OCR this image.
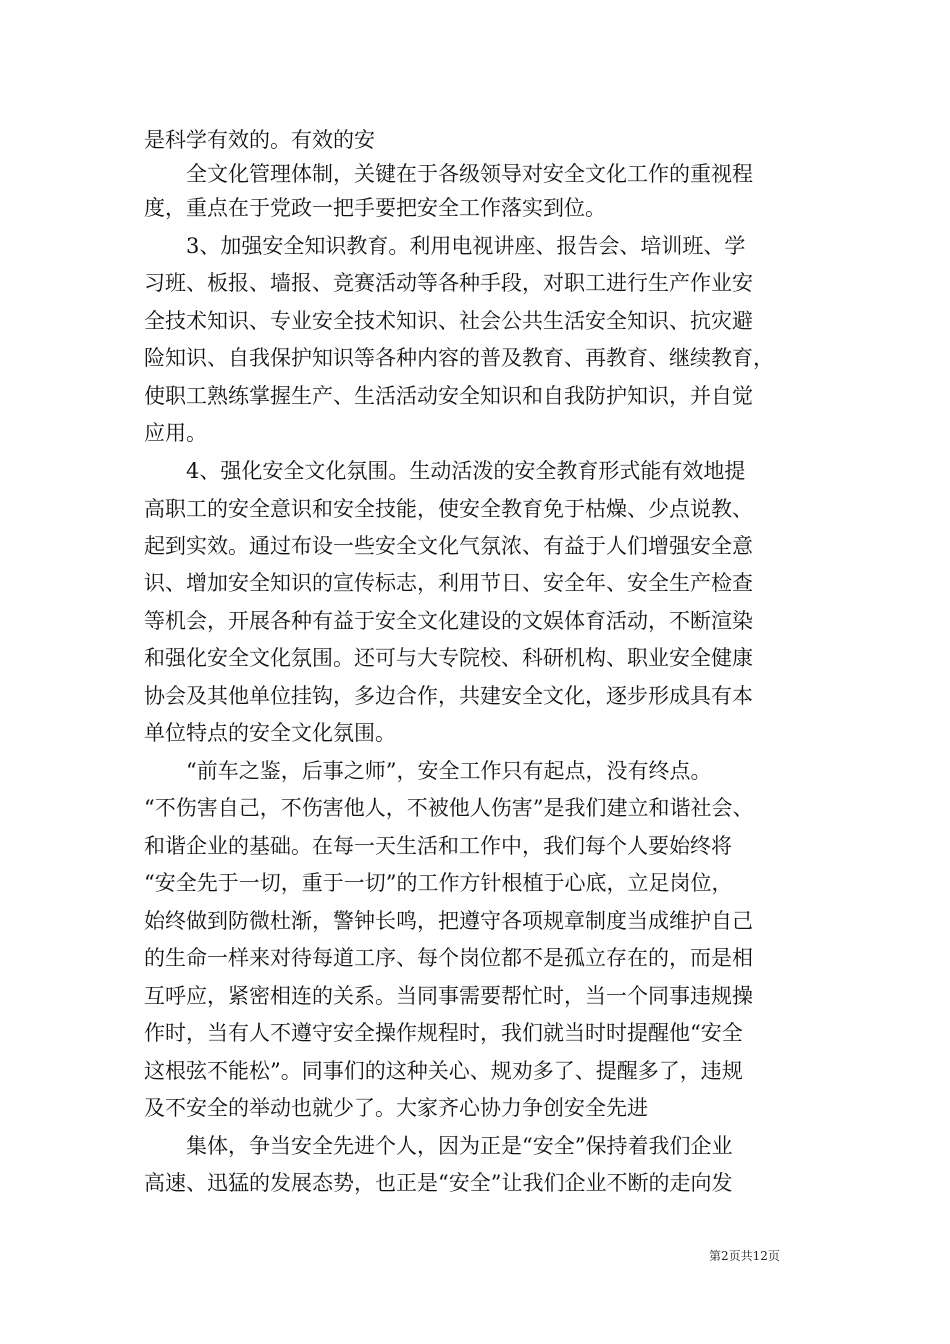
是科学有效的。有效的安

　　全文化管理体制，关键在于各级领导对安全文化工作的重视程

度，重点在于党政一把手要把安全工作落实到位。

　　3、加强安全知识教育。利用电视讲座、报告会、培训班、学

习班、板报、墙报、竞赛活动等各种手段，对职工进行生产作业安

全技术知识、专业安全技术知识、社会公共生活安全知识、抗灾避

险知识、自我保护知识等各种内容的普及教育、再教育、继续教育，

使职工熟练掌握生产、生活活动安全知识和自我防护知识，并自觉

应用。

　　4、强化安全文化氛围。生动活泼的安全教育形式能有效地提

高职工的安全意识和安全技能，使安全教育免于枯燥、少点说教、

起到实效。通过布设一些安全文化气氛浓、有益于人们增强安全意

识、增加安全知识的宣传标志，利用节日、安全年、安全生产检查

等机会，开展各种有益于安全文化建设的文娱体育活动，不断渲染

和强化安全文化氛围。还可与大专院校、科研机构、职业安全健康

协会及其他单位挂钩，多边合作，共建安全文化，逐步形成具有本

单位特点的安全文化氛围。

　　“前车之鉴，后事之师”，安全工作只有起点，没有终点。

“不伤害自己，不伤害他人，不被他人伤害”是我们建立和谐社会、

和谐企业的基础。在每一天生活和工作中，我们每个人要始终将

“安全先于一切，重于一切”的工作方针根植于心底，立足岗位，

始终做到防微杜渐，警钟长鸣，把遵守各项规章制度当成维护自己

的生命一样来对待每道工序、每个岗位都不是孤立存在的，而是相

互呼应，紧密相连的关系。当同事需要帮忙时，当一个同事违规操

作时，当有人不遵守安全操作规程时，我们就当时时提醒他“安全

这根弦不能松”。同事们的这种关心、规劝多了、提醒多了，违规

及不安全的举动也就少了。大家齐心协力争创安全先进

　　集体，争当安全先进个人，因为正是“安全”保持着我们企业

高速、迅猛的发展态势，也正是“安全”让我们企业不断的走向发

第2页共12页
